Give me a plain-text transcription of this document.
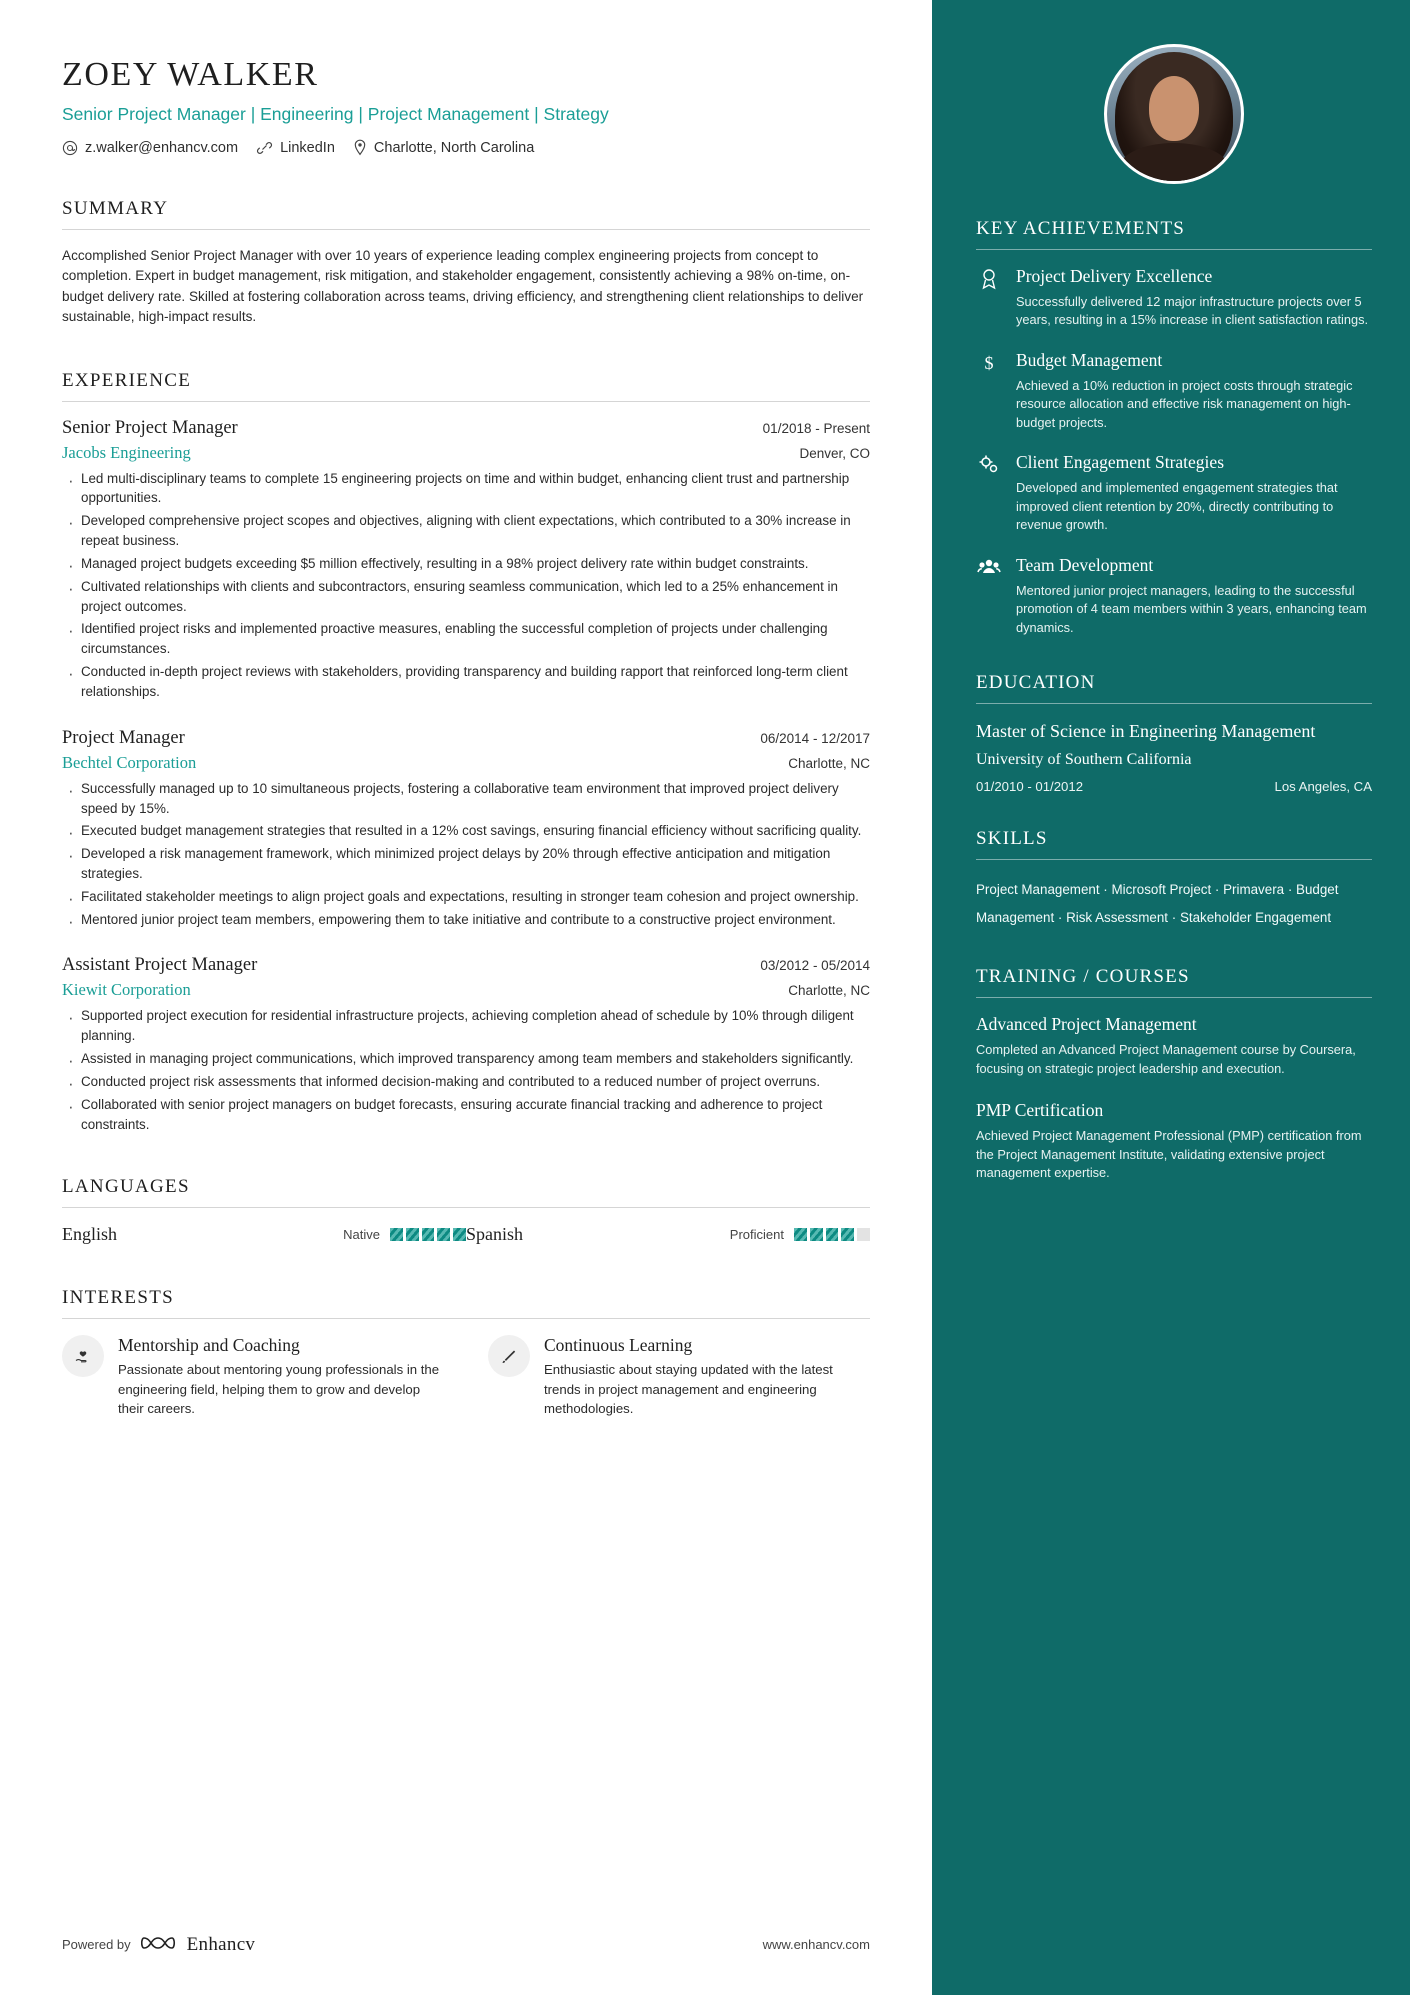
ZOEY WALKER
Senior Project Manager | Engineering | Project Management | Strategy
z.walker@enhancv.com	LinkedIn	Charlotte, North Carolina
SUMMARY
Accomplished Senior Project Manager with over 10 years of experience leading complex engineering projects from concept to completion. Expert in budget management, risk mitigation, and stakeholder engagement, consistently achieving a 98% on-time, on-budget delivery rate. Skilled at fostering collaboration across teams, driving efficiency, and strengthening client relationships to deliver sustainable, high-impact results.
EXPERIENCE
Senior Project Manager	01/2018 - Present
Jacobs Engineering	Denver, CO
· Led multi-disciplinary teams to complete 15 engineering projects on time and within budget, enhancing client trust and partnership opportunities.
· Developed comprehensive project scopes and objectives, aligning with client expectations, which contributed to a 30% increase in repeat business.
· Managed project budgets exceeding $5 million effectively, resulting in a 98% project delivery rate within budget constraints.
· Cultivated relationships with clients and subcontractors, ensuring seamless communication, which led to a 25% enhancement in project outcomes.
· Identified project risks and implemented proactive measures, enabling the successful completion of projects under challenging circumstances.
· Conducted in-depth project reviews with stakeholders, providing transparency and building rapport that reinforced long-term client relationships.
Project Manager	06/2014 - 12/2017
Bechtel Corporation	Charlotte, NC
· Successfully managed up to 10 simultaneous projects, fostering a collaborative team environment that improved project delivery speed by 15%.
· Executed budget management strategies that resulted in a 12% cost savings, ensuring financial efficiency without sacrificing quality.
· Developed a risk management framework, which minimized project delays by 20% through effective anticipation and mitigation strategies.
· Facilitated stakeholder meetings to align project goals and expectations, resulting in stronger team cohesion and project ownership.
· Mentored junior project team members, empowering them to take initiative and contribute to a constructive project environment.
Assistant Project Manager	03/2012 - 05/2014
Kiewit Corporation	Charlotte, NC
· Supported project execution for residential infrastructure projects, achieving completion ahead of schedule by 10% through diligent planning.
· Assisted in managing project communications, which improved transparency among team members and stakeholders significantly.
· Conducted project risk assessments that informed decision-making and contributed to a reduced number of project overruns.
· Collaborated with senior project managers on budget forecasts, ensuring accurate financial tracking and adherence to project constraints.
LANGUAGES
English	Native	Spanish	Proficient
INTERESTS
Mentorship and Coaching
Passionate about mentoring young professionals in the engineering field, helping them to grow and develop their careers.
Continuous Learning
Enthusiastic about staying updated with the latest trends in project management and engineering methodologies.
Powered by	Enhancv	www.enhancv.com
KEY ACHIEVEMENTS
Project Delivery Excellence
Successfully delivered 12 major infrastructure projects over 5 years, resulting in a 15% increase in client satisfaction ratings.
$ Budget Management
Achieved a 10% reduction in project costs through strategic resource allocation and effective risk management on high-budget projects.
Client Engagement Strategies
Developed and implemented engagement strategies that improved client retention by 20%, directly contributing to revenue growth.
Team Development
Mentored junior project managers, leading to the successful promotion of 4 team members within 3 years, enhancing team dynamics.
EDUCATION
Master of Science in Engineering Management
University of Southern California
01/2010 - 01/2012	Los Angeles, CA
SKILLS
Project Management · Microsoft Project · Primavera · Budget Management · Risk Assessment · Stakeholder Engagement
TRAINING / COURSES
Advanced Project Management
Completed an Advanced Project Management course by Coursera, focusing on strategic project leadership and execution.
PMP Certification
Achieved Project Management Professional (PMP) certification from the Project Management Institute, validating extensive project management expertise.
